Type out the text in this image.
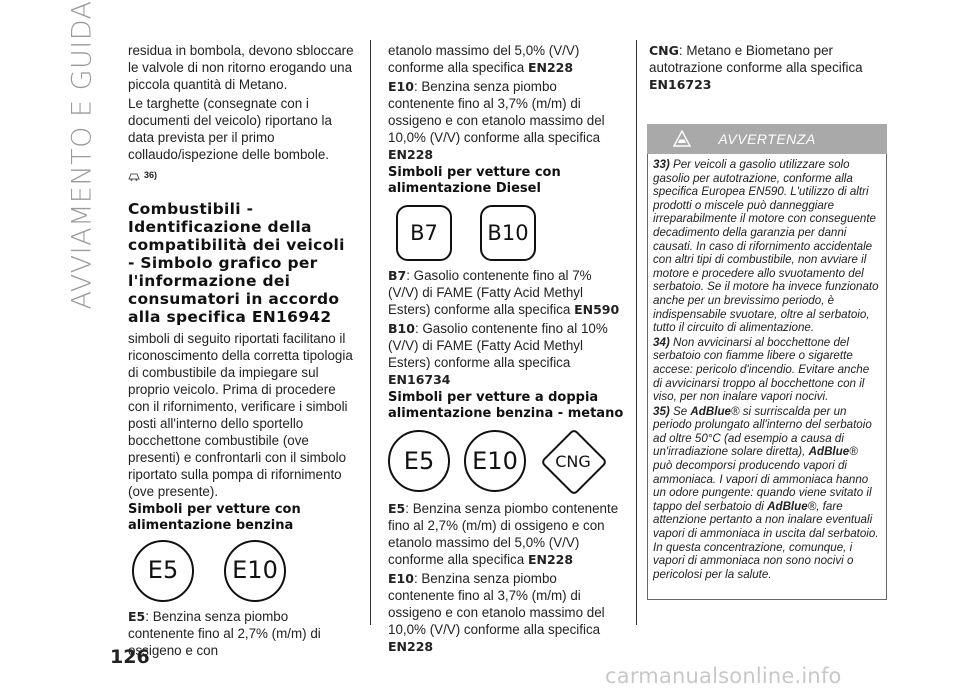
AVVIAMENTO E GUIDA residua in bombola, devono sbloccare le valvole di non ritorno erogando una piccola quantità di Metano.

Le targhette (consegnate con i documenti del veicolo) riportano la data prevista per il primo collaudo/ispezione delle bombole.

36)
Combustibili - Identificazione della compatibilità dei veicoli - Simbolo grafico per l'informazione dei consumatori in accordo alla specifica EN16942

simboli di seguito riportati facilitano il riconoscimento della corretta tipologia di combustibile da impiegare sul proprio veicolo. Prima di procedere con il rifornimento, verificare i simboli posti all'interno dello sportello bocchettone combustibile (ove presenti) e confrontarli con il simbolo riportato sulla pompa di rifornimento (ove presente).

Simboli per vetture con alimentazione benzina
E5 E10

E5: Benzina senza piombo contenente fino al 2,7% (m/m) di ossigeno e con

etanolo massimo del 5,0% (V/V) conforme alla specifica EN228

E10: Benzina senza piombo contenente fino al 3,7% (m/m) di ossigeno e con etanolo massimo del 10,0% (V/V) conforme alla specifica
EN228

Simboli per vetture con alimentazione Diesel
B7 B10

B7: Gasolio contenente fino al 7% (V/V) di FAME (Fatty Acid Methyl Esters) conforme alla specifica EN590

B10: Gasolio contenente fino al 10% (V/V) di FAME (Fatty Acid Methyl Esters) conforme alla specifica EN16734

Simboli per vetture a doppia alimentazione benzina - metano
E5 E10	CNG

E5: Benzina senza piombo contenente fino al 2,7% (m/m) di ossigeno e con etanolo massimo del 5,0% (V/V) conforme alla specifica EN228

E10: Benzina senza piombo contenente fino al 3,7% (m/m) di ossigeno e con etanolo massimo del 10,0% (V/V) conforme alla specifica
EN228

CNG: Metano e Biometano per autotrazione conforme alla specifica
EN16723

AVVERTENZA

33) Per veicoli a gasolio utilizzare solo gasolio per autotrazione, conforme alla specifica Europea EN590. L'utilizzo di altri prodotti o miscele può danneggiare irreparabilmente il motore con conseguente decadimento della garanzia per danni causati. In caso di rifornimento accidentale con altri tipi di combustibile, non avviare il motore e procedere allo svuotamento del serbatoio. Se il motore ha invece funzionato anche per un brevissimo periodo, è indispensabile svuotare, oltre al serbatoio, tutto il circuito di alimentazione.

34) Non avvicinarsi al bocchettone del serbatoio con fiamme libere o sigarette accese: pericolo d'incendio. Evitare anche di avvicinarsi troppo al bocchettone con il viso, per non inalare vapori nocivi.

35) Se AdBlue® si surriscalda per un periodo prolungato all'interno del serbatoio ad oltre 50°C (ad esempio a causa di un'irradiazione solare diretta), AdBlue® può decomporsi producendo vapori di ammoniaca. I vapori di ammoniaca hanno un odore pungente: quando viene svitato il tappo del serbatoio di AdBlue®, fare attenzione pertanto a non inalare eventuali vapori di ammoniaca in uscita dal serbatoio. In questa concentrazione, comunque, i vapori di ammoniaca non sono nocivi o pericolosi per la salute.

126
carmanualsonline.info
